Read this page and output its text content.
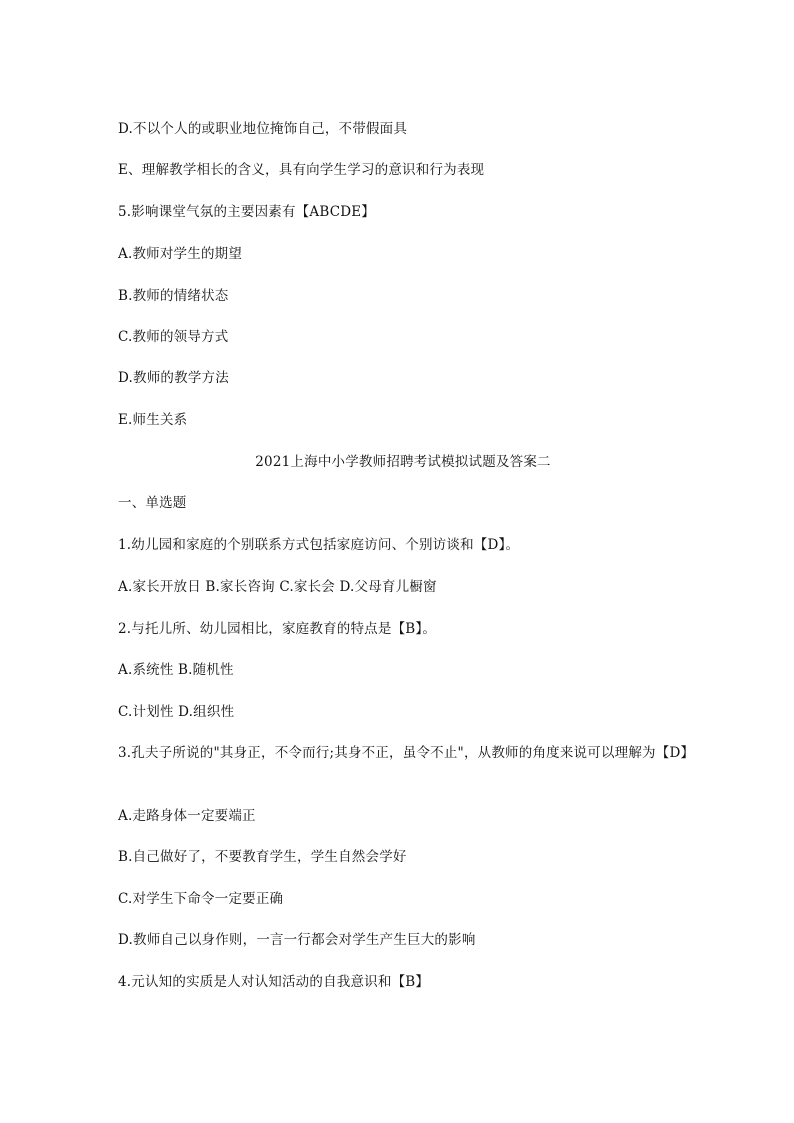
D.不以个人的或职业地位掩饰自己，不带假面具
E、理解教学相长的含义，具有向学生学习的意识和行为表现
5.影响课堂气氛的主要因素有【ABCDE】
A.教师对学生的期望
B.教师的情绪状态
C.教师的领导方式
D.教师的教学方法
E.师生关系
2021上海中小学教师招聘考试模拟试题及答案二
一、单选题
1.幼儿园和家庭的个别联系方式包括家庭访问、个别访谈和【D】。
A.家长开放日 B.家长咨询 C.家长会 D.父母育儿橱窗
2.与托儿所、幼儿园相比，家庭教育的特点是【B】。
A.系统性 B.随机性
C.计划性 D.组织性
3.孔夫子所说的"其身正，不令而行;其身不正，虽令不止"，从教师的角度来说可以理解为【D】
A.走路身体一定要端正
B.自己做好了，不要教育学生，学生自然会学好
C.对学生下命令一定要正确
D.教师自己以身作则，一言一行都会对学生产生巨大的影响
4.元认知的实质是人对认知活动的自我意识和【B】
